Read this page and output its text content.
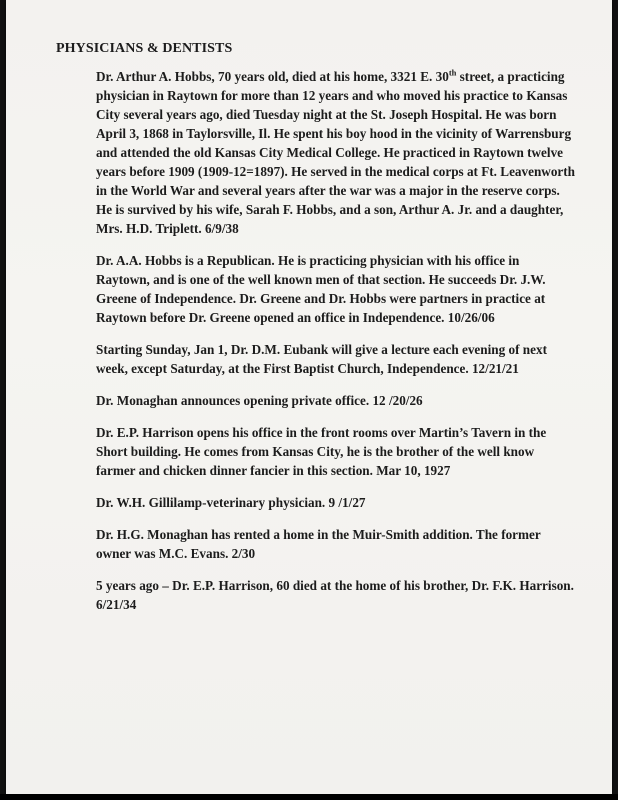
PHYSICIANS & DENTISTS

Dr. Arthur A. Hobbs, 70 years old, died at his home, 3321 E. 30th street, a practicing physician in Raytown for more than 12 years and who moved his practice to Kansas City several years ago, died Tuesday night at the St. Joseph Hospital. He was born April 3, 1868 in Taylorsville, Il. He spent his boy hood in the vicinity of Warrensburg and attended the old Kansas City Medical College. He practiced in Raytown twelve years before 1909 (1909-12=1897). He served in the medical corps at Ft. Leavenworth in the World War and several years after the war was a major in the reserve corps. He is survived by his wife, Sarah F. Hobbs, and a son, Arthur A. Jr. and a daughter, Mrs. H.D. Triplett. 6/9/38

Dr. A.A. Hobbs is a Republican. He is practicing physician with his office in Raytown, and is one of the well known men of that section. He succeeds Dr. J.W. Greene of Independence. Dr. Greene and Dr. Hobbs were partners in practice at Raytown before Dr. Greene opened an office in Independence. 10/26/06

Starting Sunday, Jan 1, Dr. D.M. Eubank will give a lecture each evening of next week, except Saturday, at the First Baptist Church, Independence. 12/21/21

Dr. Monaghan announces opening private office. 12 /20/26

Dr. E.P. Harrison opens his office in the front rooms over Martin’s Tavern in the Short building. He comes from Kansas City, he is the brother of the well know farmer and chicken dinner fancier in this section. Mar 10, 1927

Dr. W.H. Gillilamp-veterinary physician. 9 /1/27

Dr. H.G. Monaghan has rented a home in the Muir-Smith addition. The former owner was M.C. Evans. 2/30

5 years ago – Dr. E.P. Harrison, 60 died at the home of his brother, Dr. F.K. Harrison. 6/21/34
